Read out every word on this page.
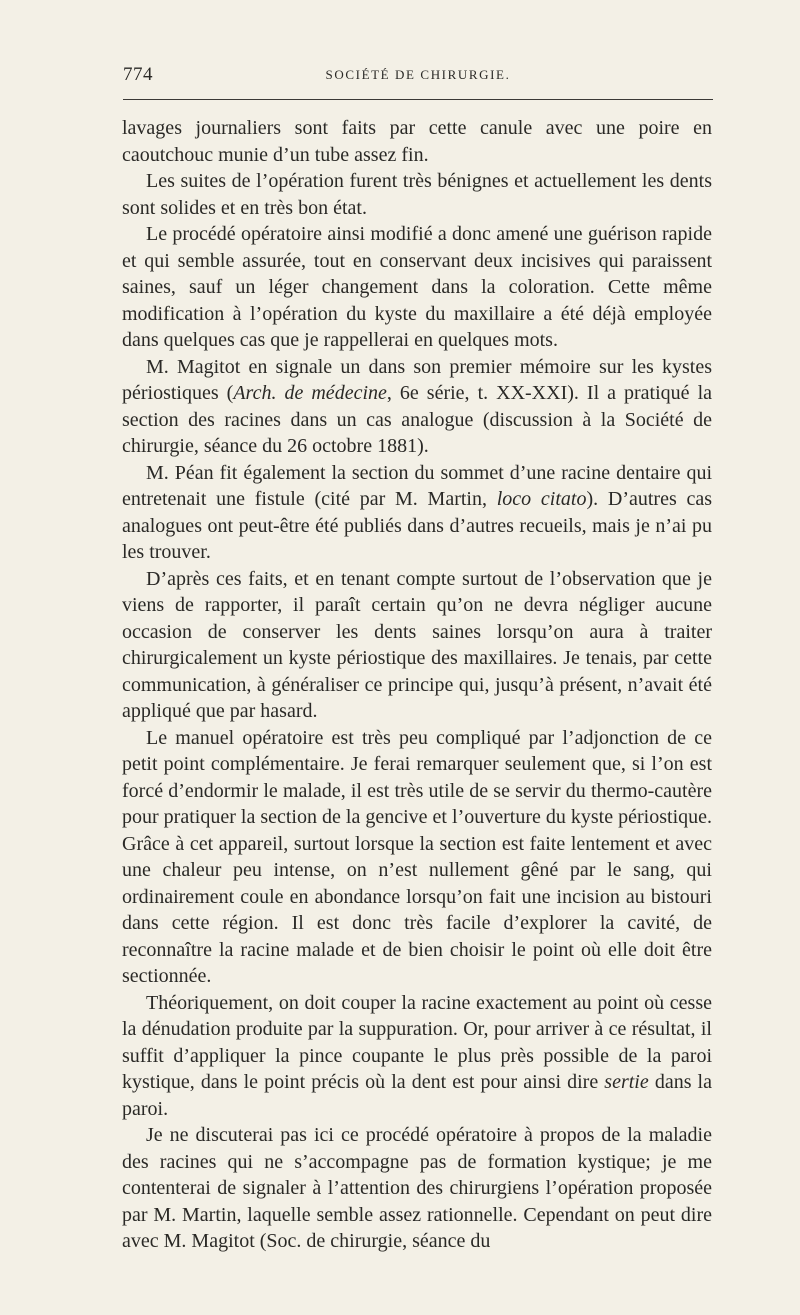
774	SOCIÉTÉ DE CHIRURGIE.

lavages journaliers sont faits par cette canule avec une poire en caoutchouc munie d’un tube assez fin.

Les suites de l’opération furent très bénignes et actuellement les dents sont solides et en très bon état.

Le procédé opératoire ainsi modifié a donc amené une guérison rapide et qui semble assurée, tout en conservant deux incisives qui paraissent saines, sauf un léger changement dans la coloration. Cette même modification à l’opération du kyste du maxillaire a été déjà employée dans quelques cas que je rappellerai en quelques mots.

M. Magitot en signale un dans son premier mémoire sur les kystes périostiques (Arch. de médecine, 6e série, t. XX-XXI). Il a pratiqué la section des racines dans un cas analogue (discussion à la Société de chirurgie, séance du 26 octobre 1881).

M. Péan fit également la section du sommet d’une racine dentaire qui entretenait une fistule (cité par M. Martin, loco citato). D’autres cas analogues ont peut-être été publiés dans d’autres recueils, mais je n’ai pu les trouver.

D’après ces faits, et en tenant compte surtout de l’observation que je viens de rapporter, il paraît certain qu’on ne devra négliger aucune occasion de conserver les dents saines lorsqu’on aura à traiter chirurgicalement un kyste périostique des maxillaires. Je tenais, par cette communication, à généraliser ce principe qui, jusqu’à présent, n’avait été appliqué que par hasard.

Le manuel opératoire est très peu compliqué par l’adjonction de ce petit point complémentaire. Je ferai remarquer seulement que, si l’on est forcé d’endormir le malade, il est très utile de se servir du thermo-cautère pour pratiquer la section de la gencive et l’ouverture du kyste périostique. Grâce à cet appareil, surtout lorsque la section est faite lentement et avec une chaleur peu intense, on n’est nullement gêné par le sang, qui ordinairement coule en abondance lorsqu’on fait une incision au bistouri dans cette région. Il est donc très facile d’explorer la cavité, de reconnaître la racine malade et de bien choisir le point où elle doit être sectionnée.

Théoriquement, on doit couper la racine exactement au point où cesse la dénudation produite par la suppuration. Or, pour arriver à ce résultat, il suffit d’appliquer la pince coupante le plus près possible de la paroi kystique, dans le point précis où la dent est pour ainsi dire sertie dans la paroi.

Je ne discuterai pas ici ce procédé opératoire à propos de la maladie des racines qui ne s’accompagne pas de formation kystique; je me contenterai de signaler à l’attention des chirurgiens l’opération proposée par M. Martin, laquelle semble assez rationnelle. Cependant on peut dire avec M. Magitot (Soc. de chirurgie, séance du
